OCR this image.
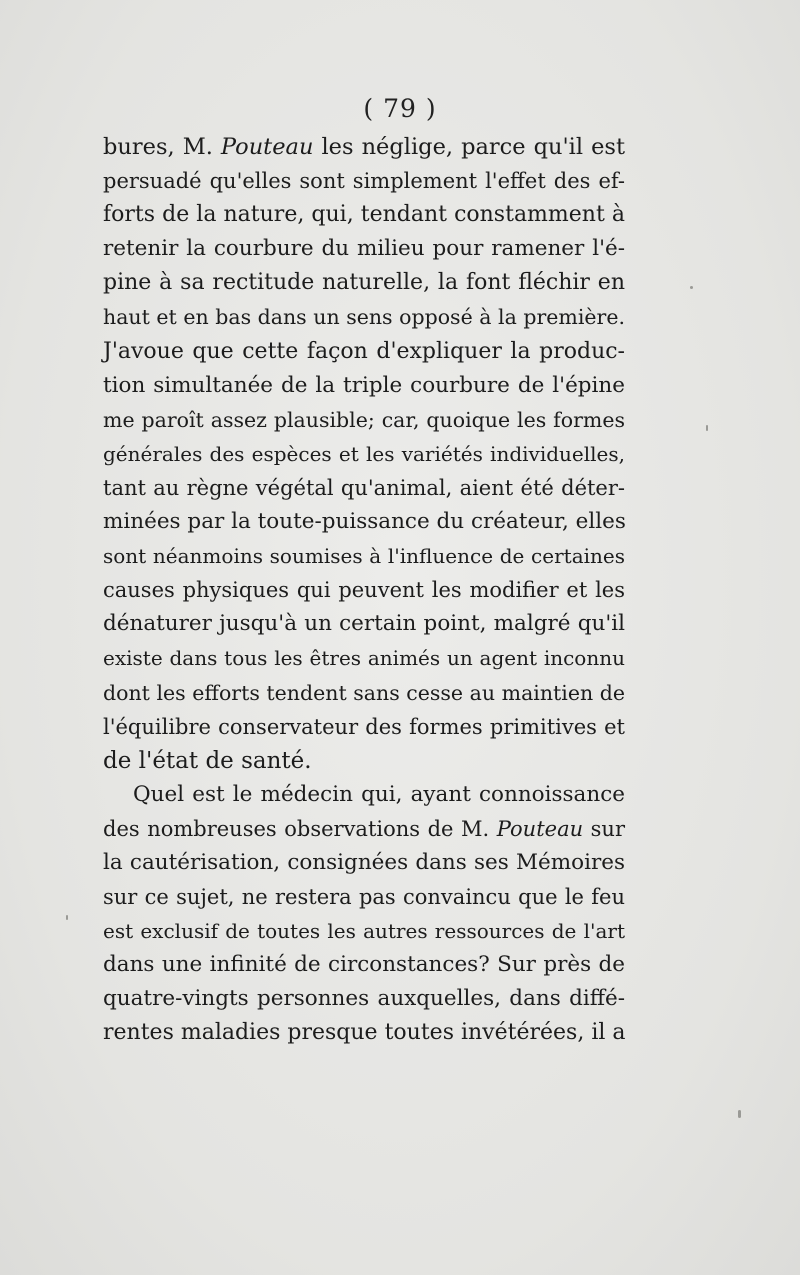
( 79 )
bures, M. Pouteau les néglige, parce qu'il est
persuadé qu'elles sont simplement l'effet des ef-
forts de la nature, qui, tendant constamment à
retenir la courbure du milieu pour ramener l'é-
pine à sa rectitude naturelle, la font fléchir en
haut et en bas dans un sens opposé à la première.
J'avoue que cette façon d'expliquer la produc-
tion simultanée de la triple courbure de l'épine
me paroît assez plausible; car, quoique les formes
générales des espèces et les variétés individuelles,
tant au règne végétal qu'animal, aient été déter-
minées par la toute-puissance du créateur, elles
sont néanmoins soumises à l'influence de certaines
causes physiques qui peuvent les modifier et les
dénaturer jusqu'à un certain point, malgré qu'il
existe dans tous les êtres animés un agent inconnu
dont les efforts tendent sans cesse au maintien de
l'équilibre conservateur des formes primitives et
de l'état de santé.
Quel est le médecin qui, ayant connoissance
des nombreuses observations de M. Pouteau sur
la cautérisation, consignées dans ses Mémoires
sur ce sujet, ne restera pas convaincu que le feu
est exclusif de toutes les autres ressources de l'art
dans une infinité de circonstances? Sur près de
quatre-vingts personnes auxquelles, dans diffé-
rentes maladies presque toutes invétérées, il a
